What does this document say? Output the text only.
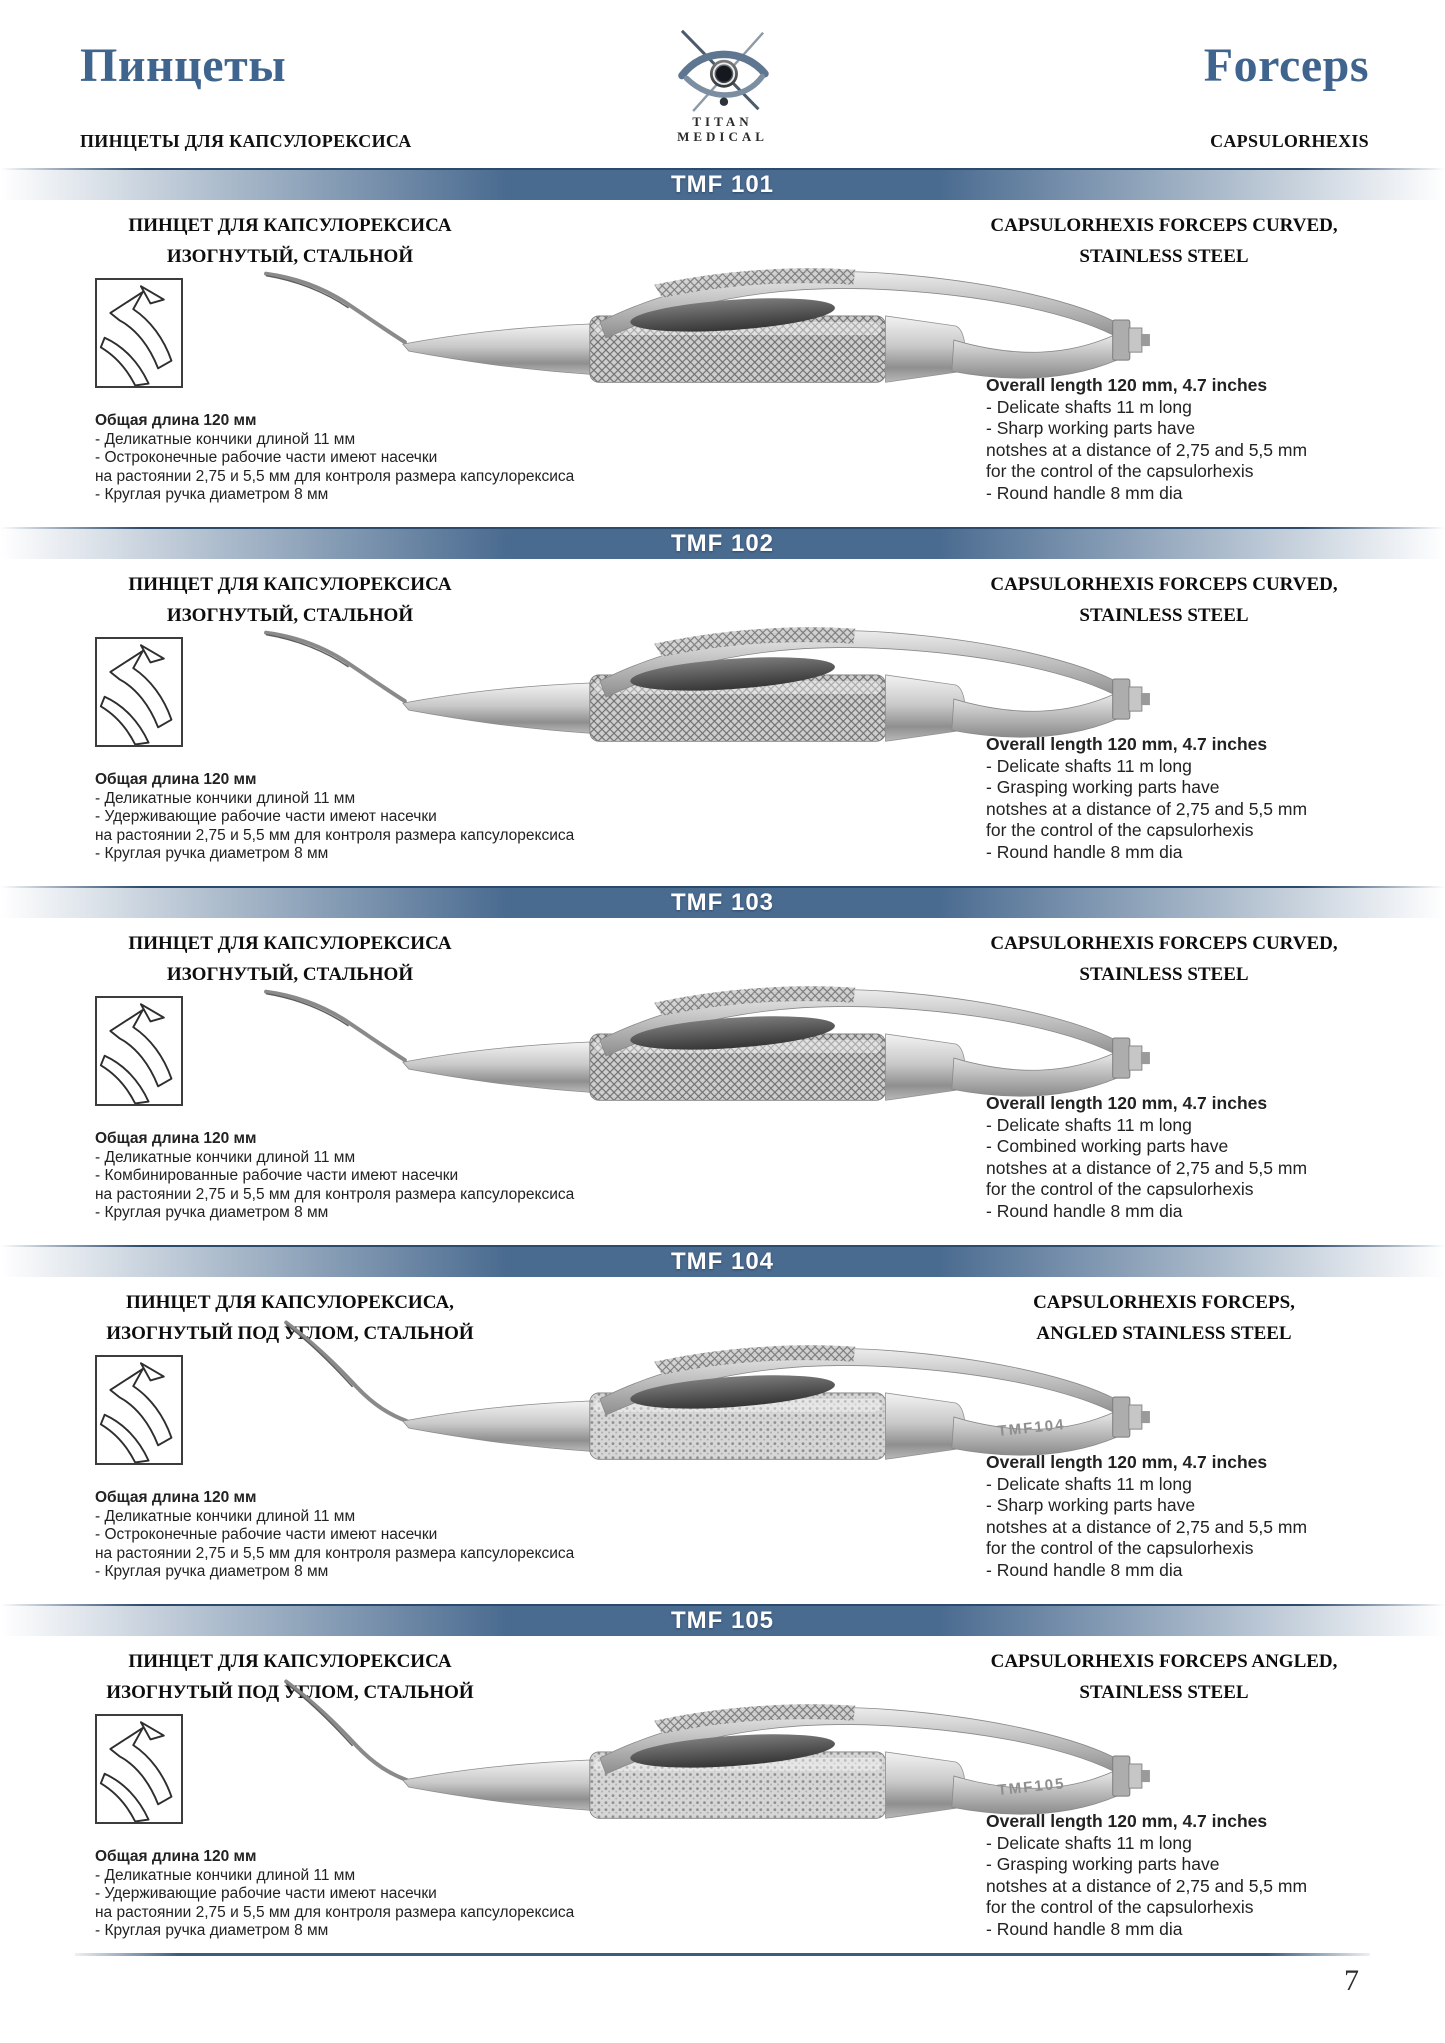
Пинцеты	Forceps
ПИНЦЕТЫ ДЛЯ КАПСУЛОРЕКСИСА	CAPSULORHEXIS
TITAN
MEDICAL
TMF 101
ПИНЦЕТ ДЛЯ КАПСУЛОРЕКСИСА
ИЗОГНУТЫЙ, СТАЛЬНОЙ
CAPSULORHEXIS FORCEPS CURVED,
STAINLESS STEEL
Общая длина 120 мм
- Деликатные кончики длиной 11 мм
- Остроконечные рабочие части имеют насечки
на растоянии 2,75 и 5,5 мм для контроля размера капсулорексиса
- Круглая ручка диаметром 8 мм
Overall length 120 mm, 4.7 inches
- Delicate shafts 11 m long
- Sharp working parts have
notshes at a distance of 2,75 and 5,5 mm
for the control of the capsulorhexis
- Round handle 8 mm dia
TMF 102
ПИНЦЕТ ДЛЯ КАПСУЛОРЕКСИСА
ИЗОГНУТЫЙ, СТАЛЬНОЙ
CAPSULORHEXIS FORCEPS CURVED,
STAINLESS STEEL
Общая длина 120 мм
- Деликатные кончики длиной 11 мм
- Удерживающие рабочие части имеют насечки
на растоянии 2,75 и 5,5 мм для контроля размера капсулорексиса
- Круглая ручка диаметром 8 мм
Overall length 120 mm, 4.7 inches
- Delicate shafts 11 m long
- Grasping working parts have
notshes at a distance of 2,75 and 5,5 mm
for the control of the capsulorhexis
- Round handle 8 mm dia
TMF 103
ПИНЦЕТ ДЛЯ КАПСУЛОРЕКСИСА
ИЗОГНУТЫЙ, СТАЛЬНОЙ
CAPSULORHEXIS FORCEPS CURVED,
STAINLESS STEEL
Общая длина 120 мм
- Деликатные кончики длиной 11 мм
- Комбинированные рабочие части имеют насечки
на растоянии 2,75 и 5,5 мм для контроля размера капсулорексиса
- Круглая ручка диаметром 8 мм
Overall length 120 mm, 4.7 inches
- Delicate shafts 11 m long
- Combined working parts have
notshes at a distance of 2,75 and 5,5 mm
for the control of the capsulorhexis
- Round handle 8 mm dia
TMF 104
ПИНЦЕТ ДЛЯ КАПСУЛОРЕКСИСА,
ИЗОГНУТЫЙ ПОД УГЛОМ, СТАЛЬНОЙ
CAPSULORHEXIS FORCEPS,
ANGLED STAINLESS STEEL
TMF104
Общая длина 120 мм
- Деликатные кончики длиной 11 мм
- Остроконечные рабочие части имеют насечки
на растоянии 2,75 и 5,5 мм для контроля размера капсулорексиса
- Круглая ручка диаметром 8 мм
Overall length 120 mm, 4.7 inches
- Delicate shafts 11 m long
- Sharp working parts have
notshes at a distance of 2,75 and 5,5 mm
for the control of the capsulorhexis
- Round handle 8 mm dia
TMF 105
ПИНЦЕТ ДЛЯ КАПСУЛОРЕКСИСА
ИЗОГНУТЫЙ ПОД УГЛОМ, СТАЛЬНОЙ
CAPSULORHEXIS FORCEPS ANGLED,
STAINLESS STEEL
TMF105
Общая длина 120 мм
- Деликатные кончики длиной 11 мм
- Удерживающие рабочие части имеют насечки
на растоянии 2,75 и 5,5 мм для контроля размера капсулорексиса
- Круглая ручка диаметром 8 мм
Overall length 120 mm, 4.7 inches
- Delicate shafts 11 m long
- Grasping working parts have
notshes at a distance of 2,75 and 5,5 mm
for the control of the capsulorhexis
- Round handle 8 mm dia
7
